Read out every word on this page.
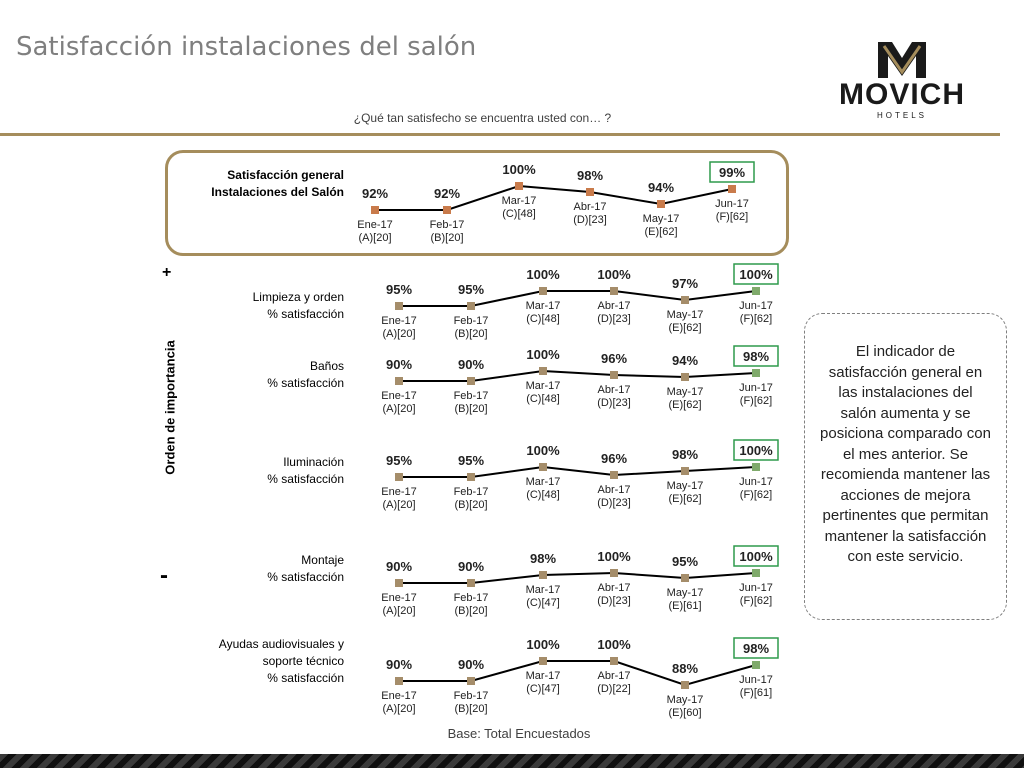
Satisfacción instalaciones del salón
MOVICH
HOTELS
¿Qué tan satisfecho se encuentra usted con… ?
Orden de importancia
+
-
Satisfacción general
Instalaciones del Salón
Limpieza y orden
% satisfacción
Baños
% satisfacción
Iluminación
% satisfacción
Montaje
% satisfacción
Ayudas audiovisuales y
soporte técnico
% satisfacción
92%
Ene-17
(A)[20]
92%
Feb-17
(B)[20]
100%
Mar-17
(C)[48]
98%
Abr-17
(D)[23]
94%
May-17
(E)[62]
99%
Jun-17
(F)[62]
95%
Ene-17
(A)[20]
95%
Feb-17
(B)[20]
100%
Mar-17
(C)[48]
100%
Abr-17
(D)[23]
97%
May-17
(E)[62]
100%
Jun-17
(F)[62]
90%
Ene-17
(A)[20]
90%
Feb-17
(B)[20]
100%
Mar-17
(C)[48]
96%
Abr-17
(D)[23]
94%
May-17
(E)[62]
98%
Jun-17
(F)[62]
95%
Ene-17
(A)[20]
95%
Feb-17
(B)[20]
100%
Mar-17
(C)[48]
96%
Abr-17
(D)[23]
98%
May-17
(E)[62]
100%
Jun-17
(F)[62]
90%
Ene-17
(A)[20]
90%
Feb-17
(B)[20]
98%
Mar-17
(C)[47]
100%
Abr-17
(D)[23]
95%
May-17
(E)[61]
100%
Jun-17
(F)[62]
90%
Ene-17
(A)[20]
90%
Feb-17
(B)[20]
100%
Mar-17
(C)[47]
100%
Abr-17
(D)[22]
88%
May-17
(E)[60]
98%
Jun-17
(F)[61]
El indicador de satisfacción general en las instalaciones del salón aumenta y se posiciona comparado con el mes anterior. Se recomienda mantener las acciones de mejora pertinentes que permitan mantener la satisfacción con este servicio.
Base: Total Encuestados
